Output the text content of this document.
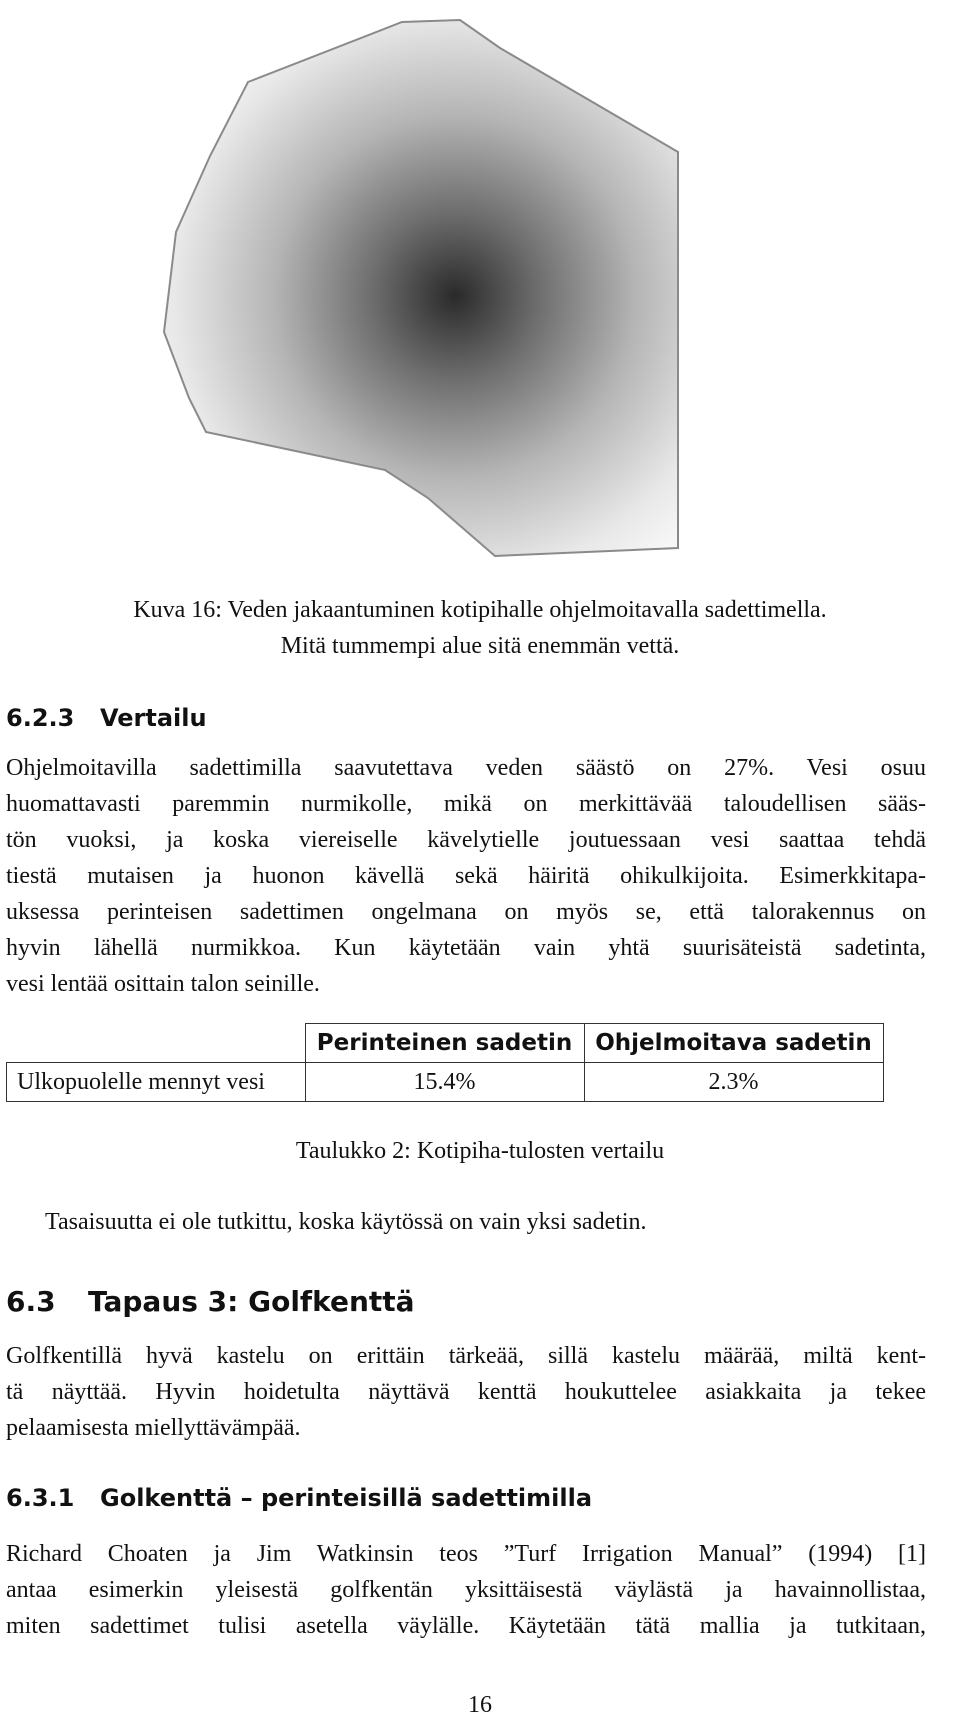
Kuva 16: Veden jakaantuminen kotipihalle ohjelmoitavalla sadettimella.
Mitä tummempi alue sitä enemmän vettä.
6.2.3 Vertailu
Ohjelmoitavilla sadettimilla saavutettava veden säästö on 27%. Vesi osuu
huomattavasti paremmin nurmikolle, mikä on merkittävää taloudellisen sääs-
tön vuoksi, ja koska viereiselle kävelytielle joutuessaan vesi saattaa tehdä
tiestä mutaisen ja huonon kävellä sekä häiritä ohikulkijoita. Esimerkkitapa-
uksessa perinteisen sadettimen ongelmana on myös se, että talorakennus on
hyvin lähellä nurmikkoa. Kun käytetään vain yhtä suurisäteistä sadetinta,
vesi lentää osittain talon seinille.
	Perinteinen sadetin	Ohjelmoitava sadetin
Ulkopuolelle mennyt vesi	15.4%	2.3%
Taulukko 2: Kotipiha-tulosten vertailu
Tasaisuutta ei ole tutkittu, koska käytössä on vain yksi sadetin.
6.3 Tapaus 3: Golfkenttä
Golfkentillä hyvä kastelu on erittäin tärkeää, sillä kastelu määrää, miltä kent-
tä näyttää. Hyvin hoidetulta näyttävä kenttä houkuttelee asiakkaita ja tekee
pelaamisesta miellyttävämpää.
6.3.1 Golkenttä – perinteisillä sadettimilla
Richard Choaten ja Jim Watkinsin teos ”Turf Irrigation Manual” (1994) [1]
antaa esimerkin yleisestä golfkentän yksittäisestä väylästä ja havainnollistaa,
miten sadettimet tulisi asetella väylälle. Käytetään tätä mallia ja tutkitaan,
16
